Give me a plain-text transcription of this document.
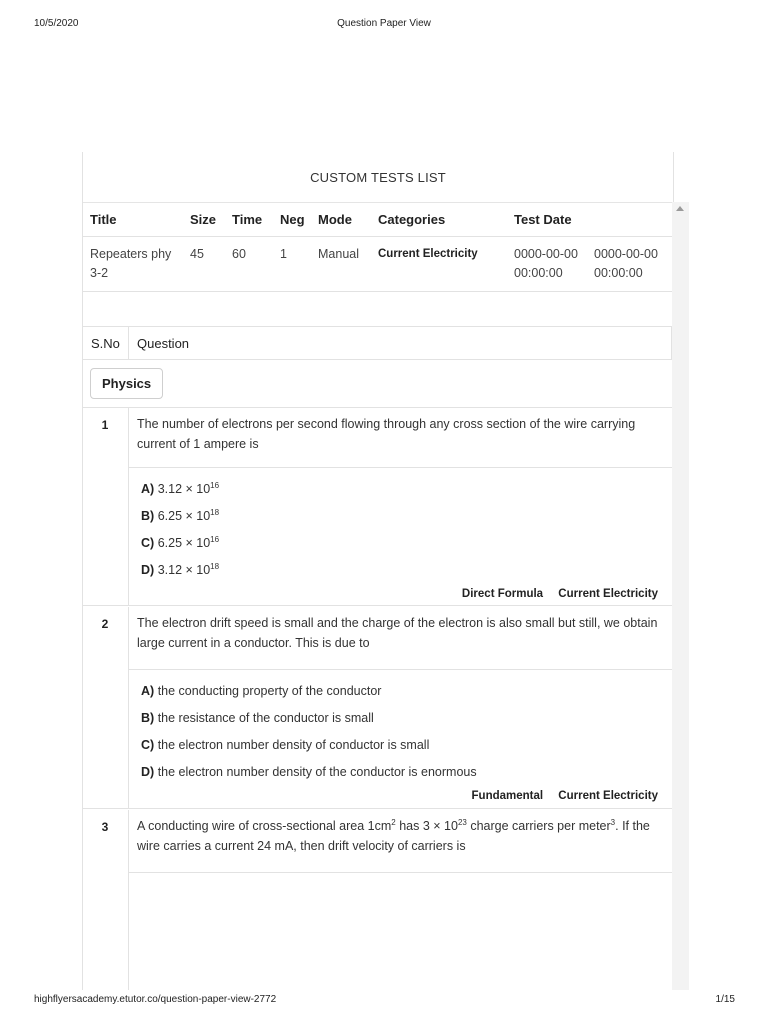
10/5/2020	Question Paper View
CUSTOM TESTS LIST
Title	Size	Time	Neg	Mode	Categories	Test Date	
Repeaters phy 3-2	45	60	1	Manual	Current Electricity	0000-00-00 00:00:00	0000-00-00 00:00:00
S.No	Question
Physics
1	The number of electrons per second flowing through any cross section of the wire carrying current of 1 ampere is
A) $3.12 \times 10^{16}$
B) $6.25 \times 10^{18}$
C) $6.25 \times 10^{16}$
D) $3.12 \times 10^{18}$
Direct Formula Current Electricity
2	The electron drift speed is small and the charge of the electron is also small but still, we obtain large current in a conductor. This is due to
A) the conducting property of the conductor
B) the resistance of the conductor is small
C) the electron number density of conductor is small
D) the electron number density of the conductor is enormous
Fundamental Current Electricity
3	A conducting wire of cross-sectional area $1cm^2$ has $3 \times 10^{23}$ charge carriers per meter$^3$. If the wire carries a current 24 mA, then drift velocity of carriers is
highflyersacademy.etutor.co/question-paper-view-2772	1/15
